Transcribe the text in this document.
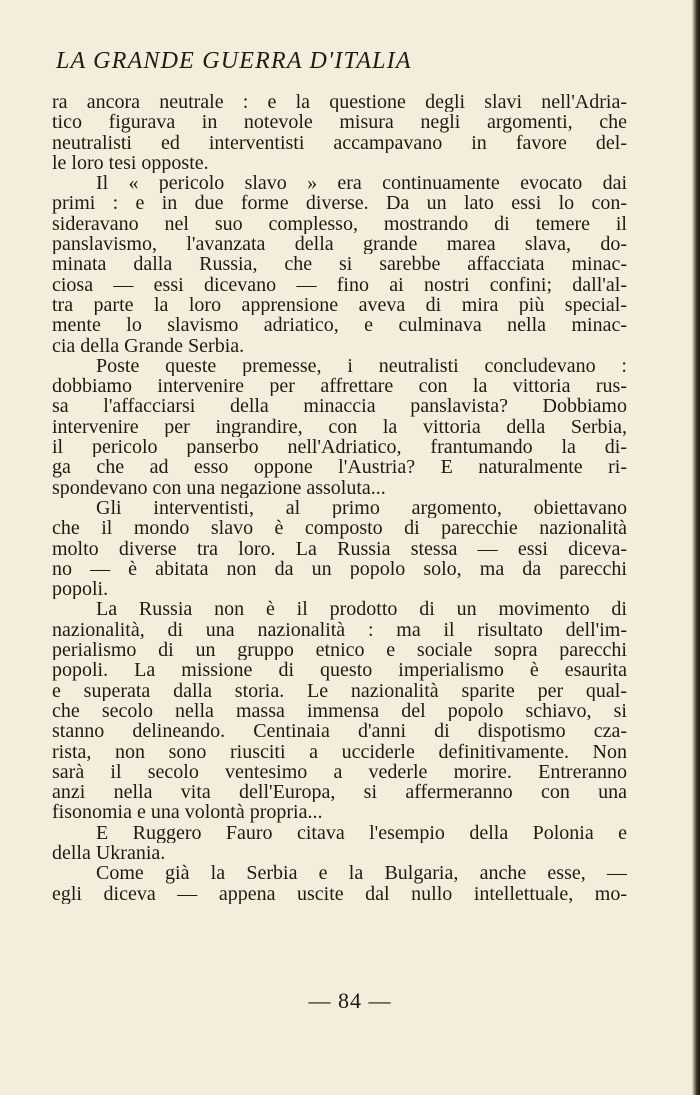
LA GRANDE GUERRA D'ITALIA
ra ancora neutrale : e la questione degli slavi nell'Adria-
tico figurava in notevole misura negli argomenti, che
neutralisti ed interventisti accampavano in favore del-
le loro tesi opposte.
Il « pericolo slavo » era continuamente evocato dai
primi : e in due forme diverse. Da un lato essi lo con-
sideravano nel suo complesso, mostrando di temere il
panslavismo, l'avanzata della grande marea slava, do-
minata dalla Russia, che si sarebbe affacciata minac-
ciosa — essi dicevano — fino ai nostri confini; dall'al-
tra parte la loro apprensione aveva di mira più special-
mente lo slavismo adriatico, e culminava nella minac-
cia della Grande Serbia.
Poste queste premesse, i neutralisti concludevano :
dobbiamo intervenire per affrettare con la vittoria rus-
sa l'affacciarsi della minaccia panslavista? Dobbiamo
intervenire per ingrandire, con la vittoria della Serbia,
il pericolo panserbo nell'Adriatico, frantumando la di-
ga che ad esso oppone l'Austria? E naturalmente ri-
spondevano con una negazione assoluta...
Gli interventisti, al primo argomento, obiettavano
che il mondo slavo è composto di parecchie nazionalità
molto diverse tra loro. La Russia stessa — essi diceva-
no — è abitata non da un popolo solo, ma da parecchi
popoli.
La Russia non è il prodotto di un movimento di
nazionalità, di una nazionalità : ma il risultato dell'im-
perialismo di un gruppo etnico e sociale sopra parecchi
popoli. La missione di questo imperialismo è esaurita
e superata dalla storia. Le nazionalità sparite per qual-
che secolo nella massa immensa del popolo schiavo, si
stanno delineando. Centinaia d'anni di dispotismo cza-
rista, non sono riusciti a ucciderle definitivamente. Non
sarà il secolo ventesimo a vederle morire. Entreranno
anzi nella vita dell'Europa, si affermeranno con una
fisonomia e una volontà propria...
E Ruggero Fauro citava l'esempio della Polonia e
della Ukrania.
Come già la Serbia e la Bulgaria, anche esse, —
egli diceva — appena uscite dal nullo intellettuale, mo-
— 84 —
